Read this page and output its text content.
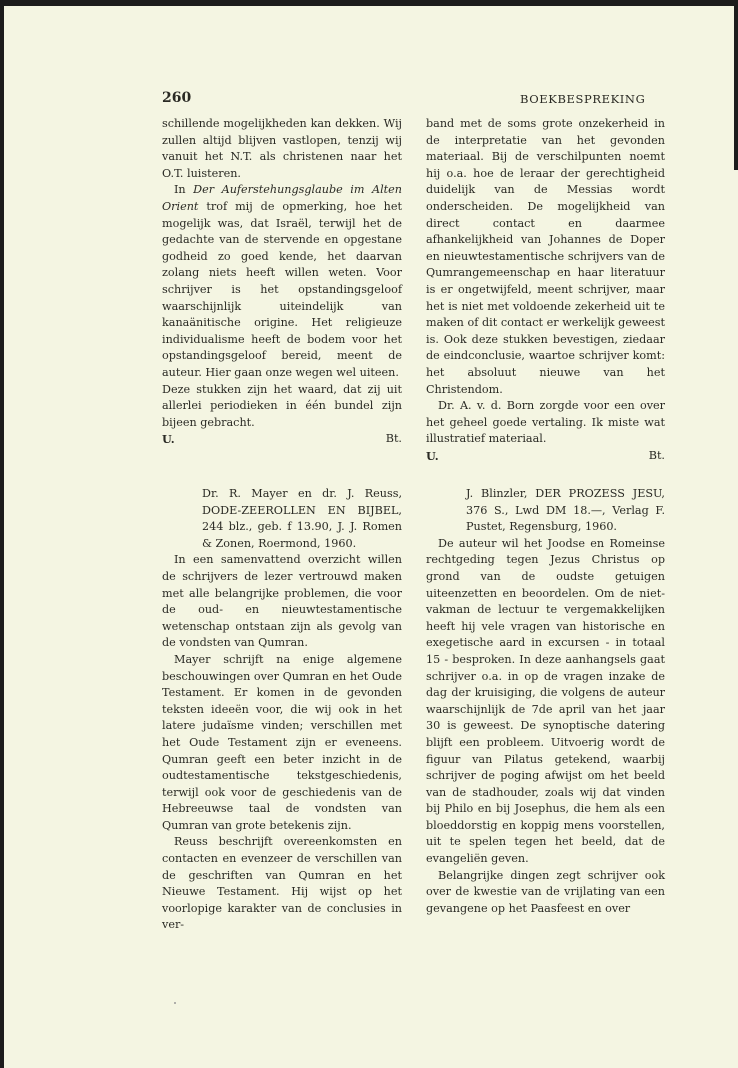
260	BOEKBESPREKING

schillende mogelijkheden kan dekken. Wij zullen altijd blijven vastlopen, tenzij wij vanuit het N.T. als christenen naar het O.T. luisteren.

In Der Auferstehungsglaube im Alten Orient trof mij de opmerking, hoe het mogelijk was, dat Israël, terwijl het de gedachte van de stervende en opgestane godheid zo goed kende, het daarvan zolang niets heeft willen weten. Voor schrijver is het opstandingsgeloof waarschijnlijk uiteindelijk van kanaänitische origine. Het religieuze individualisme heeft de bodem voor het opstandingsgeloof bereid, meent de auteur. Hier gaan onze wegen wel uiteen.

Deze stukken zijn het waard, dat zij uit allerlei periodieken in één bundel zijn bijeen gebracht.

U.	Bt.

band met de soms grote onzekerheid in de interpretatie van het gevonden materiaal. Bij de verschilpunten noemt hij o.a. hoe de leraar der gerechtigheid duidelijk van de Messias wordt onderscheiden. De mogelijkheid van direct contact en daarmee afhankelijkheid van Johannes de Doper en nieuwtestamentische schrijvers van de Qumrangemeenschap en haar literatuur is er ongetwijfeld, meent schrijver, maar het is niet met voldoende zekerheid uit te maken of dit contact er werkelijk geweest is. Ook deze stukken bevestigen, ziedaar de eindconclusie, waartoe schrijver komt: het absoluut nieuwe van het Christendom.

Dr. A. v. d. Born zorgde voor een over het geheel goede vertaling. Ik miste wat illustratief materiaal.

U.	Bt.
Dr. R. Mayer en dr. J. Reuss, DODE-ZEEROLLEN EN BIJBEL, 244 blz., geb. f 13.90, J. J. Romen & Zonen, Roermond, 1960.

In een samenvattend overzicht willen de schrijvers de lezer vertrouwd maken met alle belangrijke problemen, die voor de oud- en nieuwtestamentische wetenschap ontstaan zijn als gevolg van de vondsten van Qumran.

Mayer schrijft na enige algemene beschouwingen over Qumran en het Oude Testament. Er komen in de gevonden teksten ideeën voor, die wij ook in het latere judaïsme vinden; verschillen met het Oude Testament zijn er eveneens. Qumran geeft een beter inzicht in de oudtestamentische tekstgeschiedenis, terwijl ook voor de geschiedenis van de Hebreeuwse taal de vondsten van Qumran van grote betekenis zijn.

Reuss beschrijft overeenkomsten en contacten en evenzeer de verschillen van de geschriften van Qumran en het Nieuwe Testament. Hij wijst op het voorlopige karakter van de conclusies in ver-

J. Blinzler, DER PROZESS JESU, 376 S., Lwd DM 18.—, Verlag F. Pustet, Regensburg, 1960.

De auteur wil het Joodse en Romeinse rechtgeding tegen Jezus Christus op grond van de oudste getuigen uiteenzetten en beoordelen. Om de niet-vakman de lectuur te vergemakkelijken heeft hij vele vragen van historische en exegetische aard in excursen - in totaal 15 - besproken. In deze aanhangsels gaat schrijver o.a. in op de vragen inzake de dag der kruisiging, die volgens de auteur waarschijnlijk de 7de april van het jaar 30 is geweest. De synoptische datering blijft een probleem. Uitvoerig wordt de figuur van Pilatus getekend, waarbij schrijver de poging afwijst om het beeld van de stadhouder, zoals wij dat vinden bij Philo en bij Josephus, die hem als een bloeddorstig en koppig mens voorstellen, uit te spelen tegen het beeld, dat de evangeliën geven.

Belangrijke dingen zegt schrijver ook over de kwestie van de vrijlating van een gevangene op het Paasfeest en over
